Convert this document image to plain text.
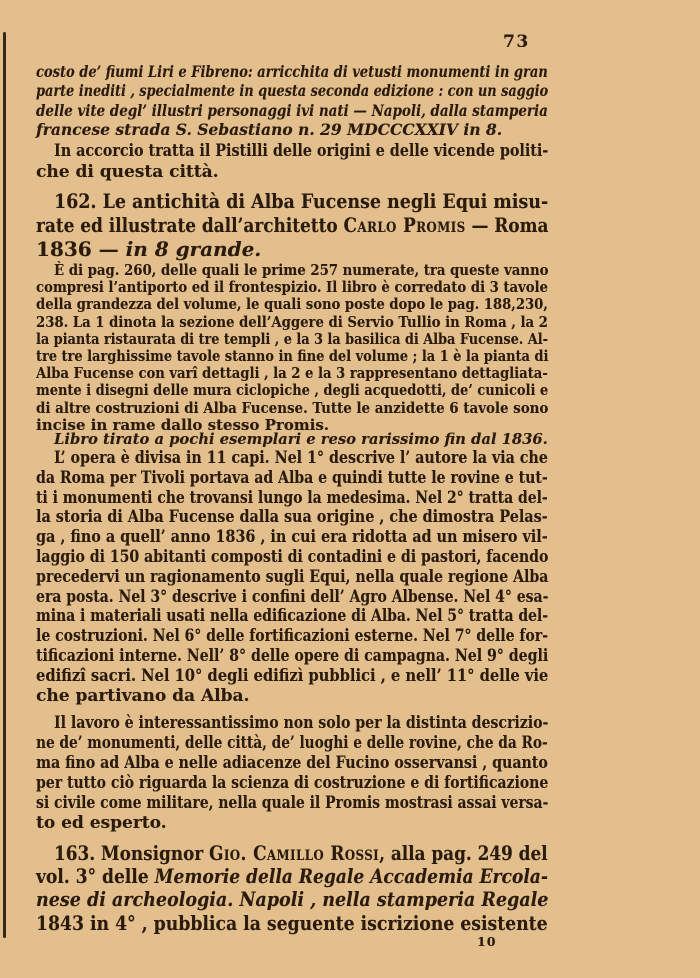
73
costo de’ fiumi Liri e Fibreno: arricchita di vetusti monumenti in gran
parte inediti , specialmente in questa seconda edizione : con un saggio
delle vite degl’ illustri personaggi ivi nati — Napoli, dalla stamperia
francese strada S. Sebastiano n. 29 MDCCCXXIV in 8.
In accorcio tratta il Pistilli delle origini e delle vicende politi-
che di questa città.
162. Le antichità di Alba Fucense negli Equi misu-
rate ed illustrate dall’architetto Carlo Promis — Roma
1836 — in 8 grande.
È di pag. 260, delle quali le prime 257 numerate, tra queste vanno
compresi l’antiporto ed il frontespizio. Il libro è corredato di 3 tavole
della grandezza del volume, le quali sono poste dopo le pag. 188,230,
238. La 1 dinota la sezione dell’Aggere di Servio Tullio in Roma , la 2
la pianta ristaurata di tre templi , e la 3 la basilica di Alba Fucense. Al-
tre tre larghissime tavole stanno in fine del volume ; la 1 è la pianta di
Alba Fucense con varî dettagli , la 2 e la 3 rappresentano dettagliata-
mente i disegni delle mura ciclopiche , degli acquedotti, de’ cunicoli e
di altre costruzioni di Alba Fucense. Tutte le anzidette 6 tavole sono
incise in rame dallo stesso Promis.
Libro tirato a pochi esemplari e reso rarissimo fin dal 1836.
L’ opera è divisa in 11 capi. Nel 1° descrive l’ autore la via che
da Roma per Tivoli portava ad Alba e quindi tutte le rovine e tut-
ti i monumenti che trovansi lungo la medesima. Nel 2° tratta del-
la storia di Alba Fucense dalla sua origine , che dimostra Pelas-
ga , fino a quell’ anno 1836 , in cui era ridotta ad un misero vil-
laggio di 150 abitanti composti di contadini e di pastori, facendo
precedervi un ragionamento sugli Equi, nella quale regione Alba
era posta. Nel 3° descrive i confini dell’ Agro Albense. Nel 4° esa-
mina i materiali usati nella edificazione di Alba. Nel 5° tratta del-
le costruzioni. Nel 6° delle fortificazioni esterne. Nel 7° delle for-
tificazioni interne. Nell’ 8° delle opere di campagna. Nel 9° degli
edifizî sacri. Nel 10° degli edifizì pubblici , e nell’ 11° delle vie
che partivano da Alba.
Il lavoro è interessantissimo non solo per la distinta descrizio-
ne de’ monumenti, delle città, de’ luoghi e delle rovine, che da Ro-
ma fino ad Alba e nelle adiacenze del Fucino osservansi , quanto
per tutto ciò riguarda la scienza di costruzione e di fortificazione
si civile come militare, nella quale il Promis mostrasi assai versa-
to ed esperto.
163. Monsignor Gio. Camillo Rossi, alla pag. 249 del
vol. 3° delle Memorie della Regale Accademia Ercola-
nese di archeologia. Napoli , nella stamperia Regale
1843 in 4° , pubblica la seguente iscrizione esistente
10
